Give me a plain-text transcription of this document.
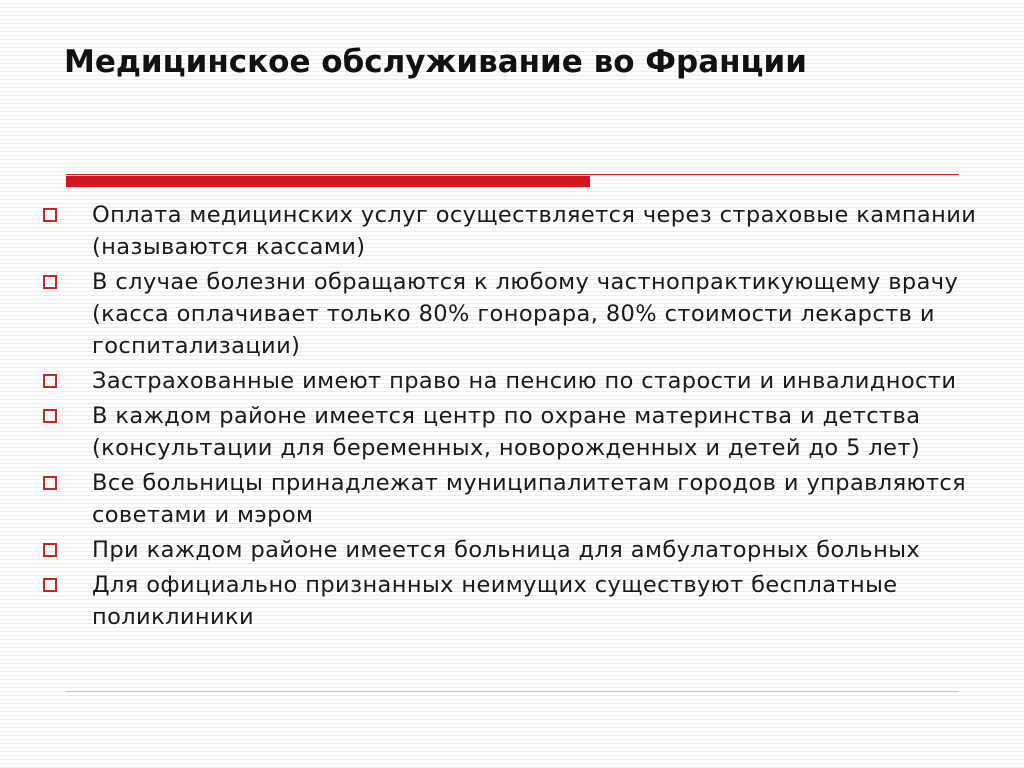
Медицинское обслуживание во Франции
Оплата медицинских услуг осуществляется через страховые кампании (называются кассами)
В случае болезни обращаются к любому частнопрактикующему врачу (касса оплачивает только 80% гонорара, 80% стоимости лекарств и госпитализации)
Застрахованные имеют право на пенсию по старости и инвалидности
В каждом районе имеется центр по охране материнства и детства (консультации для беременных, новорожденных и детей до 5 лет)
Все больницы принадлежат муниципалитетам городов и управляются советами и мэром
При каждом районе имеется больница для амбулаторных больных
Для официально признанных неимущих существуют бесплатные поликлиники
